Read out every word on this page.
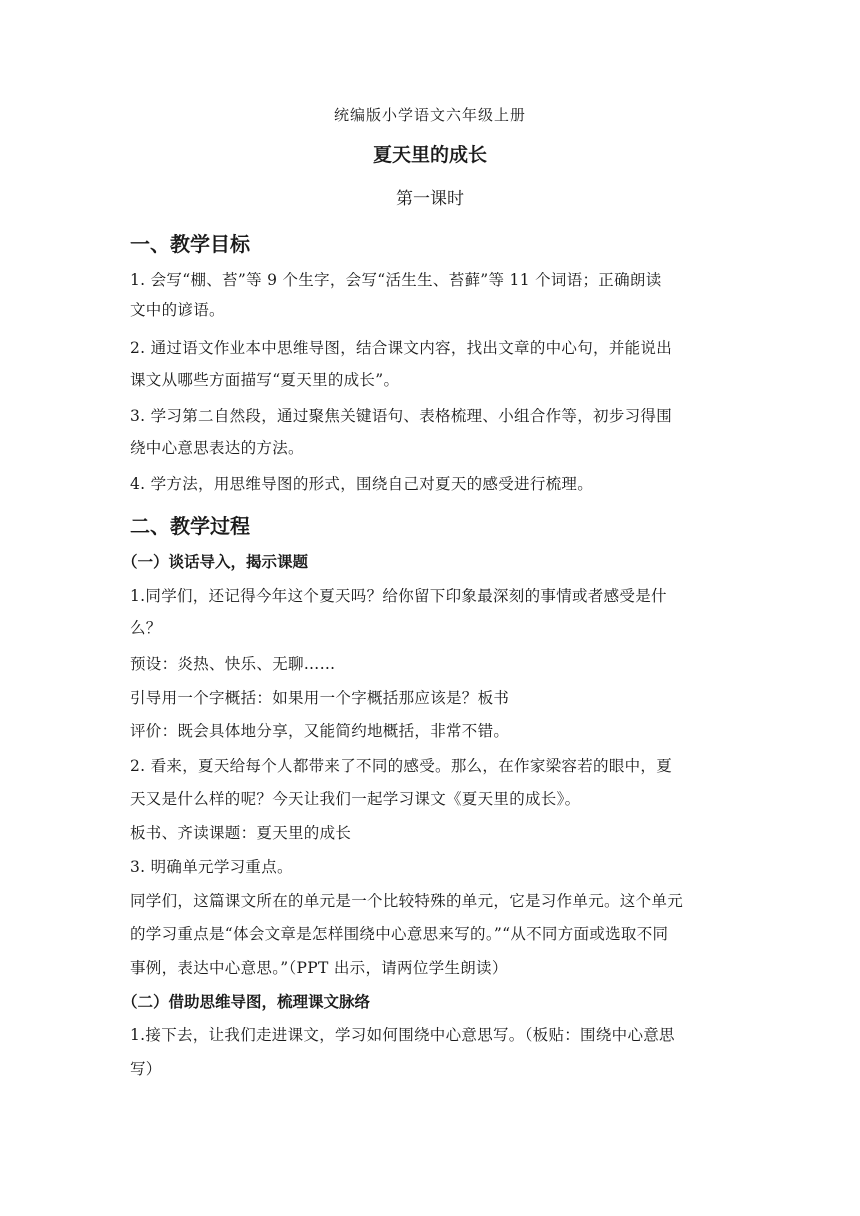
统编版小学语文六年级上册
夏天里的成长
第一课时
一、教学目标
1. 会写“棚、苔”等 9 个生字，会写“活生生、苔藓”等 11 个词语；正确朗读
文中的谚语。
2. 通过语文作业本中思维导图，结合课文内容，找出文章的中心句，并能说出
课文从哪些方面描写“夏天里的成长”。
3. 学习第二自然段，通过聚焦关键语句、表格梳理、小组合作等，初步习得围
绕中心意思表达的方法。
4. 学方法，用思维导图的形式，围绕自己对夏天的感受进行梳理。
二、教学过程
（一）谈话导入，揭示课题
1.同学们，还记得今年这个夏天吗？给你留下印象最深刻的事情或者感受是什
么？
预设：炎热、快乐、无聊……
引导用一个字概括：如果用一个字概括那应该是？板书
评价：既会具体地分享，又能简约地概括，非常不错。
2. 看来，夏天给每个人都带来了不同的感受。那么，在作家梁容若的眼中，夏
天又是什么样的呢？今天让我们一起学习课文《夏天里的成长》。
板书、齐读课题：夏天里的成长
3. 明确单元学习重点。
同学们，这篇课文所在的单元是一个比较特殊的单元，它是习作单元。这个单元
的学习重点是“体会文章是怎样围绕中心意思来写的。”“从不同方面或选取不同
事例，表达中心意思。”（PPT 出示，请两位学生朗读）
（二）借助思维导图，梳理课文脉络
1.接下去，让我们走进课文，学习如何围绕中心意思写。（板贴：围绕中心意思
写）
